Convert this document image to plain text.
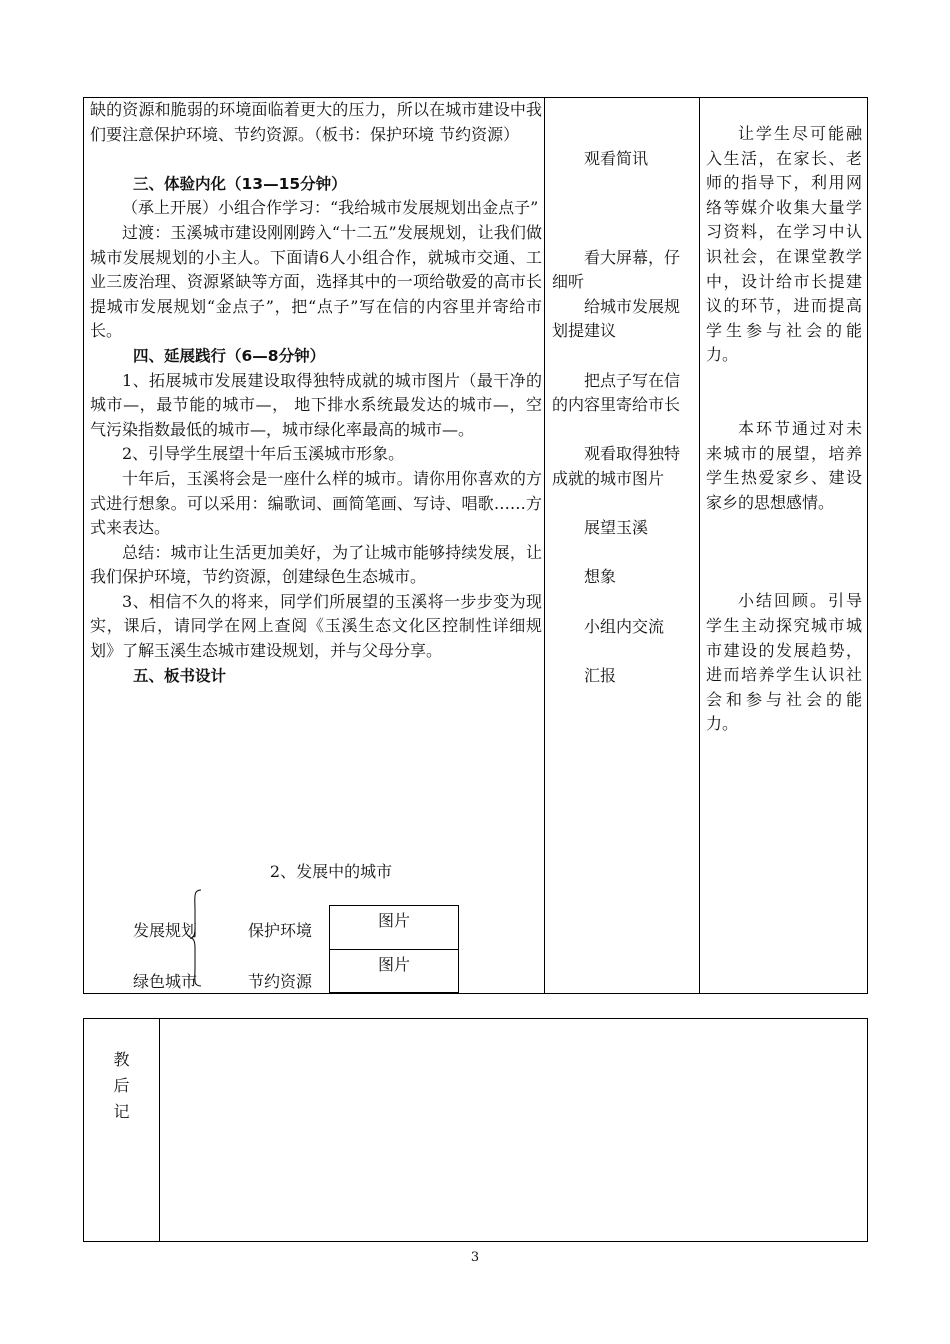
缺的资源和脆弱的环境面临着更大的压力，所以在城市建设中我们要注意保护环境、节约资源。（板书：保护环境 节约资源）

三、体验内化（13—15分钟）

（承上开展）小组合作学习：“我给城市发展规划出金点子”

过渡：玉溪城市建设刚刚跨入“十二五”发展规划，让我们做城市发展规划的小主人。下面请6人小组合作，就城市交通、工业三废治理、资源紧缺等方面，选择其中的一项给敬爱的高市长提城市发展规划“金点子”，把“点子”写在信的内容里并寄给市长。

四、延展践行（6—8分钟）

1、拓展城市发展建设取得独特成就的城市图片（最干净的城市—，最节能的城市—， 地下排水系统最发达的城市—，空气污染指数最低的城市—，城市绿化率最高的城市—。

2、引导学生展望十年后玉溪城市形象。

十年后，玉溪将会是一座什么样的城市。请你用你喜欢的方式进行想象。可以采用：编歌词、画简笔画、写诗、唱歌……方式来表达。

总结：城市让生活更加美好，为了让城市能够持续发展，让我们保护环境，节约资源，创建绿色生态城市。

3、相信不久的将来，同学们所展望的玉溪将一步步变为现实，课后，请同学在网上查阅《玉溪生态文化区控制性详细规划》了解玉溪生态城市建设规划，并与父母分享。

五、板书设计

2、发展中的城市
发展规划
绿色城市
保护环境
节约资源
图片
图片

观看简讯

看大屏幕，仔细听

给城市发展规划提建议

把点子写在信的内容里寄给市长

观看取得独特成就的城市图片

展望玉溪

想象

小组内交流

汇报

让学生尽可能融入生活，在家长、老师的指导下，利用网络等媒介收集大量学习资料，在学习中认识社会，在课堂教学中，设计给市长提建议的环节，进而提高学生参与社会的能力。

本环节通过对未来城市的展望，培养学生热爱家乡、建设家乡的思想感情。

小结回顾。引导学生主动探究城市城市建设的发展趋势，进而培养学生认识社会和参与社会的能力。

教
后
记
3
